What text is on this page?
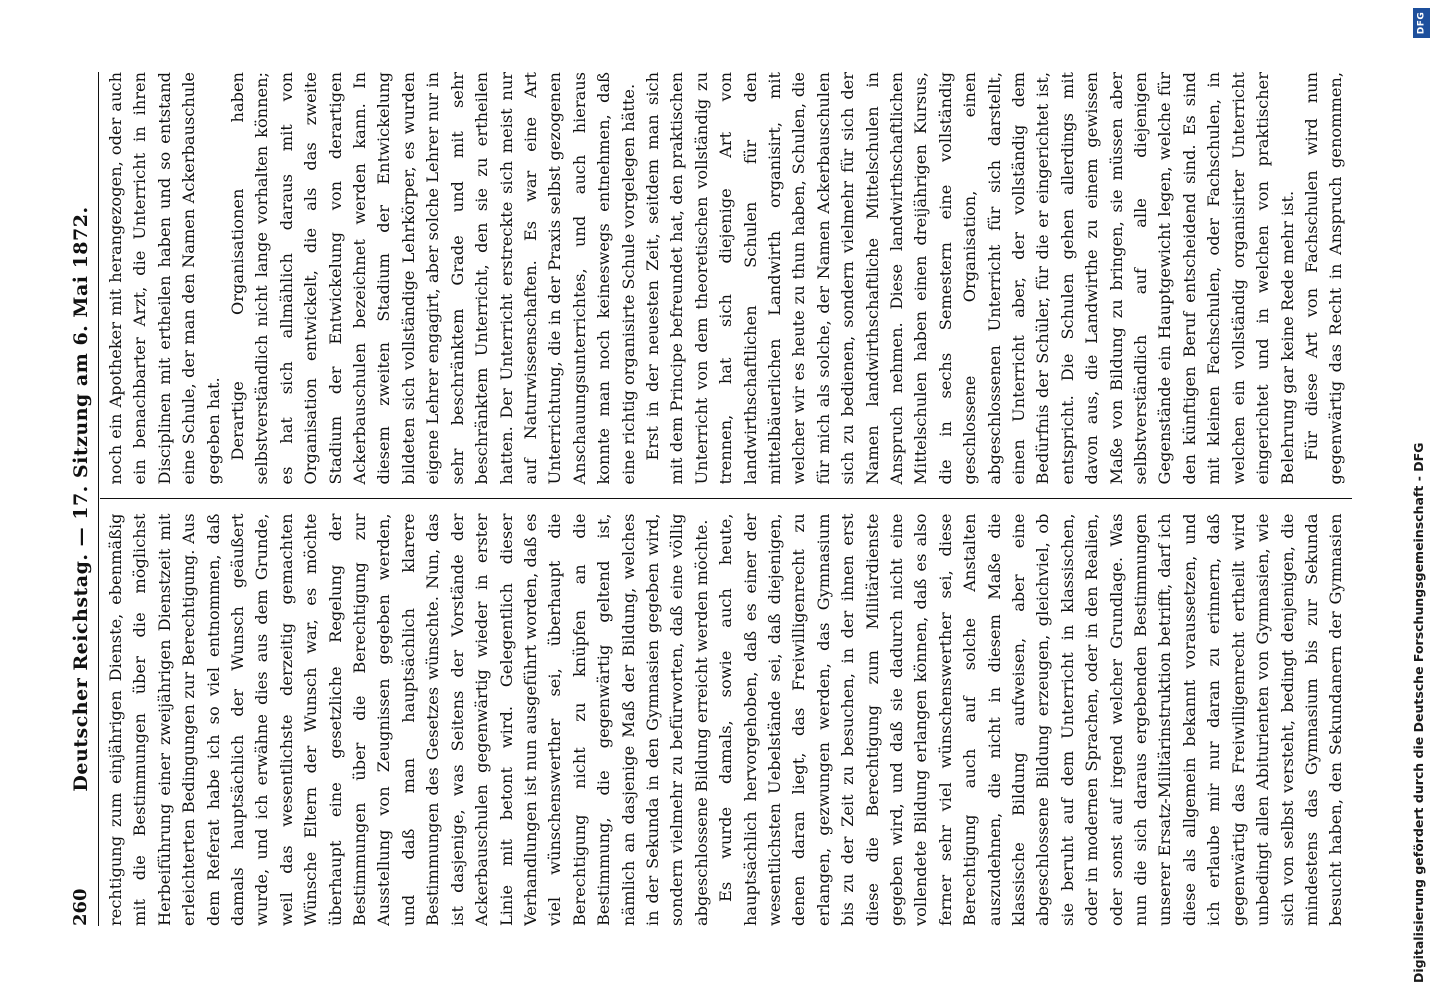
260
Deutscher Reichstag. — 17. Sitzung am 6. Mai 1872. rechtigung zum einjährigen Dienste, ebenmäßig mit die Bestimmungen über die möglichst Herbeiführung einer zweijährigen Dienstzeit mit erleichterten Bedingungen zur Berechtigung. Aus dem Referat habe ich so viel entnommen, daß damals hauptsächlich der Wunsch geäußert wurde, und ich erwähne dies aus dem Grunde, weil das wesentlichste derzeitig gemachten Wünsche Eltern der Wunsch war, es möchte überhaupt eine gesetzliche Regelung der Bestimmungen über die Berechtigung zur Ausstellung von Zeugnissen gegeben werden, und daß man hauptsächlich klarere Bestimmungen des Gesetzes wünschte. Nun, das ist dasjenige, was Seitens der Vorstände der Ackerbauschulen gegenwärtig wieder in erster Linie mit betont wird. Gelegentlich dieser Verhandlungen ist nun ausgeführt worden, daß es viel wünschenswerther sei, überhaupt die Berechtigung nicht zu knüpfen an die Bestimmung, die gegenwärtig geltend ist, nämlich an dasjenige Maß der Bildung, welches in der Sekunda in den Gymnasien gegeben wird, sondern vielmehr zu befürworten, daß eine völlig abgeschlossene Bildung erreicht werden möchte. Es wurde damals, sowie auch heute, hauptsächlich hervorgehoben, daß es einer der wesentlichsten Uebelstände sei, daß diejenigen, denen daran liegt, das Freiwilligenrecht zu erlangen, gezwungen werden, das Gymnasium bis zu der Zeit zu besuchen, in der ihnen erst diese die Berechtigung zum Militärdienste gegeben wird, und daß sie dadurch nicht eine vollendete Bildung erlangen können, daß es also ferner sehr viel wünschenswerther sei, diese Berechtigung auch auf solche Anstalten auszudehnen, die nicht in diesem Maße die klassische Bildung aufweisen, aber eine abgeschlossene Bildung erzeugen, gleichviel, ob sie beruht auf dem Unterricht in klassischen, oder in modernen Sprachen, oder in den Realien, oder sonst auf irgend welcher Grundlage. Was nun die sich daraus ergebenden Bestimmungen unserer Ersatz-Militärinstruktion betrifft, darf ich diese als allgemein bekannt voraussetzen, und ich erlaube mir nur daran zu erinnern, daß gegenwärtig das Freiwilligenrecht ertheilt wird unbedingt allen Abiturienten von Gymnasien, wie sich von selbst versteht, bedingt denjenigen, die mindestens das Gymnasium bis zur Sekunda besucht haben, den Sekundanern der Gymnasien

noch ein Apotheker mit herangezogen, oder auch ein benachbarter Arzt, die Unterricht in ihren Disciplinen mit ertheilen haben und so entstand eine Schule, der man den Namen Ackerbauschule gegeben hat. Derartige Organisationen haben selbstverständlich nicht lange vorhalten können; es hat sich allmählich daraus mit von Organisation entwickelt, die als das zweite Stadium der Entwickelung von derartigen Ackerbauschulen bezeichnet werden kann. In diesem zweiten Stadium der Entwickelung bildeten sich vollständige Lehrkörper, es wurden eigene Lehrer engagirt, aber solche Lehrer nur in sehr beschränktem Grade und mit sehr beschränktem Unterricht, den sie zu ertheilen hatten. Der Unterricht erstreckte sich meist nur auf Naturwissenschaften. Es war eine Art Unterrichtung, die in der Praxis selbst gezogenen Anschauungsunterrichtes, und auch hieraus konnte man noch keineswegs entnehmen, daß eine richtig organisirte Schule vorgelegen hätte. Erst in der neuesten Zeit, seitdem man sich mit dem Principe befreundet hat, den praktischen Unterricht von dem theoretischen vollständig zu trennen, hat sich diejenige Art von landwirthschaftlichen Schulen für den mittelbäuerlichen Landwirth organisirt, mit welcher wir es heute zu thun haben, Schulen, die für mich als solche, der Namen Ackerbauschulen sich zu bedienen, sondern vielmehr für sich der Namen landwirthschaftliche Mittelschulen in Anspruch nehmen. Diese landwirthschaftlichen Mittelschulen haben einen dreijährigen Kursus, die in sechs Semestern eine vollständig geschlossene Organisation, einen abgeschlossenen Unterricht für sich darstellt, einen Unterricht aber, der vollständig dem Bedürfnis der Schüler, für die er eingerichtet ist, entspricht. Die Schulen gehen allerdings mit davon aus, die Landwirthe zu einem gewissen Maße von Bildung zu bringen, sie müssen aber selbstverständlich auf alle diejenigen Gegenstände ein Hauptgewicht legen, welche für den künftigen Beruf entscheidend sind. Es sind mit kleinen Fachschulen, oder Fachschulen, in welchen ein vollständig organisirter Unterricht eingerichtet und in welchen von praktischer Belehrung gar keine Rede mehr ist. Für diese Art von Fachschulen wird nun gegenwärtig das Recht in Anspruch genommen,

DFG
Digitalisierung gefördert durch die Deutsche Forschungsgemeinschaft - DFG
